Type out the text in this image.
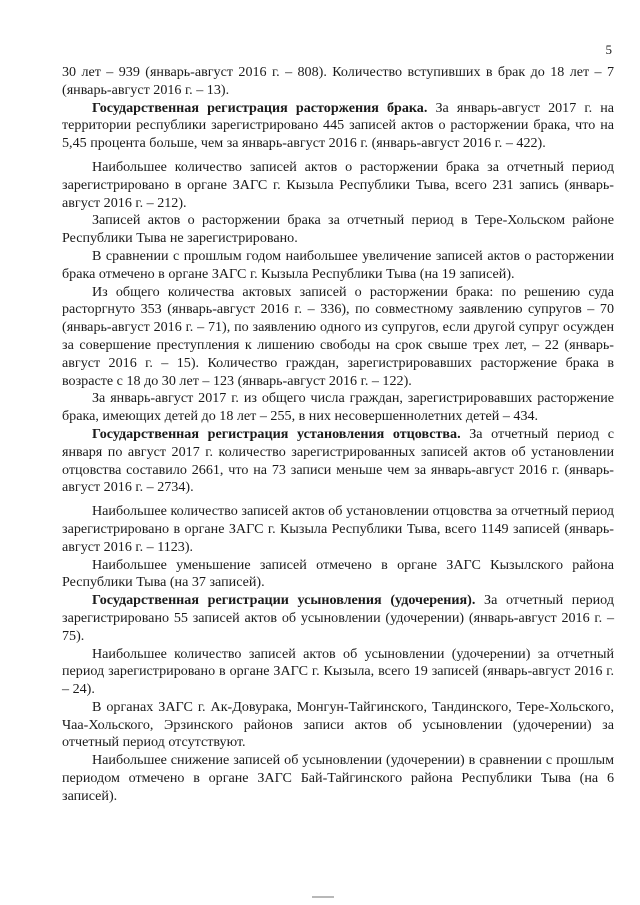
5

30 лет – 939 (январь-август 2016 г. – 808). Количество вступивших в брак до 18 лет – 7 (январь-август 2016 г. – 13).

Государственная регистрация расторжения брака. За январь-август 2017 г. на территории республики зарегистрировано 445 записей актов о расторжении брака, что на 5,45 процента больше, чем за январь-август 2016 г. (январь-август 2016 г. – 422).

Наибольшее количество записей актов о расторжении брака за отчетный период зарегистрировано в органе ЗАГС г. Кызыла Республики Тыва, всего 231 запись (январь-август 2016 г. – 212).

Записей актов о расторжении брака за отчетный период в Тере-Хольском районе Республики Тыва не зарегистрировано.

В сравнении с прошлым годом наибольшее увеличение записей актов о расторжении брака отмечено в органе ЗАГС г. Кызыла Республики Тыва (на 19 записей).

Из общего количества актовых записей о расторжении брака: по решению суда расторгнуто 353 (январь-август 2016 г. – 336), по совместному заявлению супругов – 70 (январь-август 2016 г. – 71), по заявлению одного из супругов, если другой супруг осужден за совершение преступления к лишению свободы на срок свыше трех лет, – 22 (январь-август 2016 г. – 15). Количество граждан, зарегистрировавших расторжение брака в возрасте с 18 до 30 лет – 123 (январь-август 2016 г. – 122).

За январь-август 2017 г. из общего числа граждан, зарегистрировавших расторжение брака, имеющих детей до 18 лет – 255, в них несовершеннолетних детей – 434.

Государственная регистрация установления отцовства. За отчетный период с января по август 2017 г. количество зарегистрированных записей актов об установлении отцовства составило 2661, что на 73 записи меньше чем за январь-август 2016 г. (январь-август 2016 г. – 2734).

Наибольшее количество записей актов об установлении отцовства за отчетный период зарегистрировано в органе ЗАГС г. Кызыла Республики Тыва, всего 1149 записей (январь-август 2016 г. – 1123).

Наибольшее уменьшение записей отмечено в органе ЗАГС Кызылского района Республики Тыва (на 37 записей).

Государственная регистрации усыновления (удочерения). За отчетный период зарегистрировано 55 записей актов об усыновлении (удочерении) (январь-август 2016 г. – 75).

Наибольшее количество записей актов об усыновлении (удочерении) за отчетный период зарегистрировано в органе ЗАГС г. Кызыла, всего 19 записей (январь-август 2016 г. – 24).

В органах ЗАГС г. Ак-Довурака, Монгун-Тайгинского, Тандинского, Тере-Хольского, Чаа-Хольского, Эрзинского районов записи актов об усыновлении (удочерении) за отчетный период отсутствуют.

Наибольшее снижение записей об усыновлении (удочерении) в сравнении с прошлым периодом отмечено в органе ЗАГС Бай-Тайгинского района Республики Тыва (на 6 записей).
